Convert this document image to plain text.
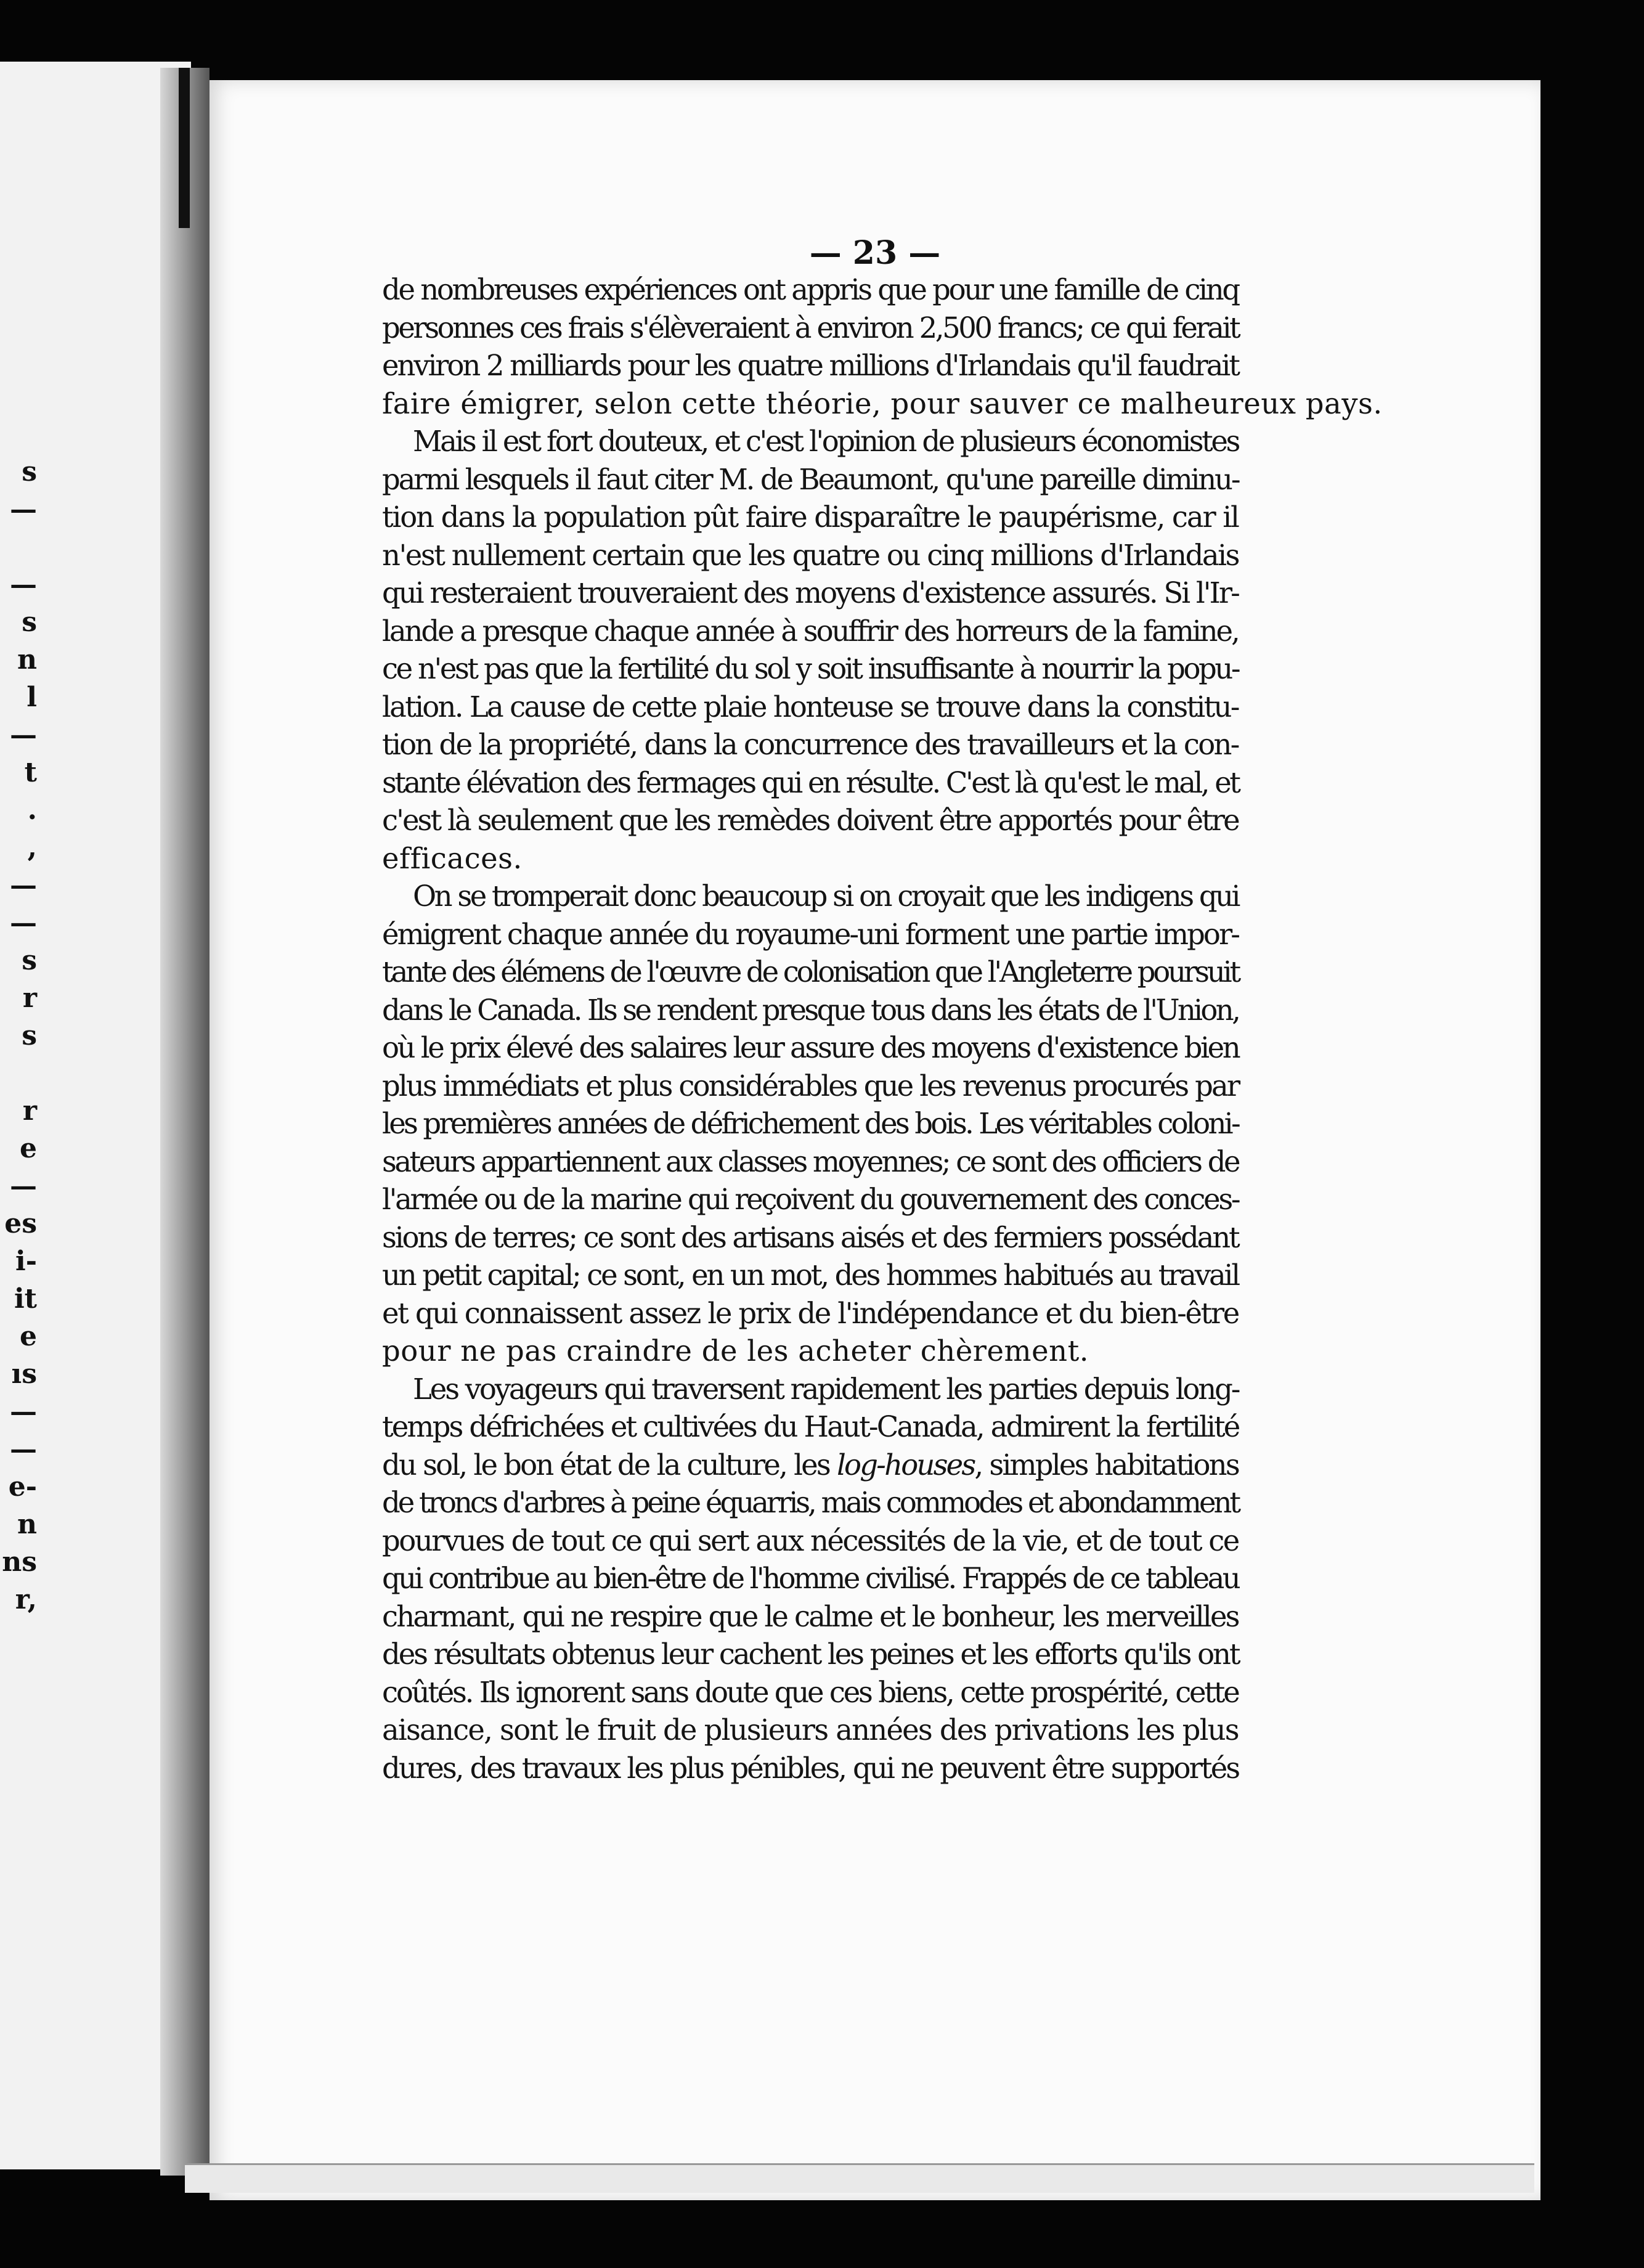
s
—
—
s
n
l
—
t
.
,
—
—
s
r
s
r
e
—
es
i-
it
e
ıs
—
—
e-
n
ns
r,
— 23 —
de nombreuses expériences ont appris que pour une famille de cinq
personnes ces frais s'élèveraient à environ 2,500 francs; ce qui ferait
environ 2 milliards pour les quatre millions d'Irlandais qu'il faudrait
faire émigrer, selon cette théorie, pour sauver ce malheureux pays.
Mais il est fort douteux, et c'est l'opinion de plusieurs économistes
parmi lesquels il faut citer M. de Beaumont, qu'une pareille diminu-
tion dans la population pût faire disparaître le paupérisme, car il
n'est nullement certain que les quatre ou cinq millions d'Irlandais
qui resteraient trouveraient des moyens d'existence assurés. Si l'Ir-
lande a presque chaque année à souffrir des horreurs de la famine,
ce n'est pas que la fertilité du sol y soit insuffisante à nourrir la popu-
lation. La cause de cette plaie honteuse se trouve dans la constitu-
tion de la propriété, dans la concurrence des travailleurs et la con-
stante élévation des fermages qui en résulte. C'est là qu'est le mal, et
c'est là seulement que les remèdes doivent être apportés pour être
efficaces.
On se tromperait donc beaucoup si on croyait que les indigens qui
émigrent chaque année du royaume-uni forment une partie impor-
tante des élémens de l'œuvre de colonisation que l'Angleterre poursuit
dans le Canada. Ils se rendent presque tous dans les états de l'Union,
où le prix élevé des salaires leur assure des moyens d'existence bien
plus immédiats et plus considérables que les revenus procurés par
les premières années de défrichement des bois. Les véritables coloni-
sateurs appartiennent aux classes moyennes; ce sont des officiers de
l'armée ou de la marine qui reçoivent du gouvernement des conces-
sions de terres; ce sont des artisans aisés et des fermiers possédant
un petit capital; ce sont, en un mot, des hommes habitués au travail
et qui connaissent assez le prix de l'indépendance et du bien-être
pour ne pas craindre de les acheter chèrement.
Les voyageurs qui traversent rapidement les parties depuis long-
temps défrichées et cultivées du Haut-Canada, admirent la fertilité
du sol, le bon état de la culture, les log-houses, simples habitations
de troncs d'arbres à peine équarris, mais commodes et abondamment
pourvues de tout ce qui sert aux nécessités de la vie, et de tout ce
qui contribue au bien-être de l'homme civilisé. Frappés de ce tableau
charmant, qui ne respire que le calme et le bonheur, les merveilles
des résultats obtenus leur cachent les peines et les efforts qu'ils ont
coûtés. Ils ignorent sans doute que ces biens, cette prospérité, cette
aisance, sont le fruit de plusieurs années des privations les plus
dures, des travaux les plus pénibles, qui ne peuvent être supportés
